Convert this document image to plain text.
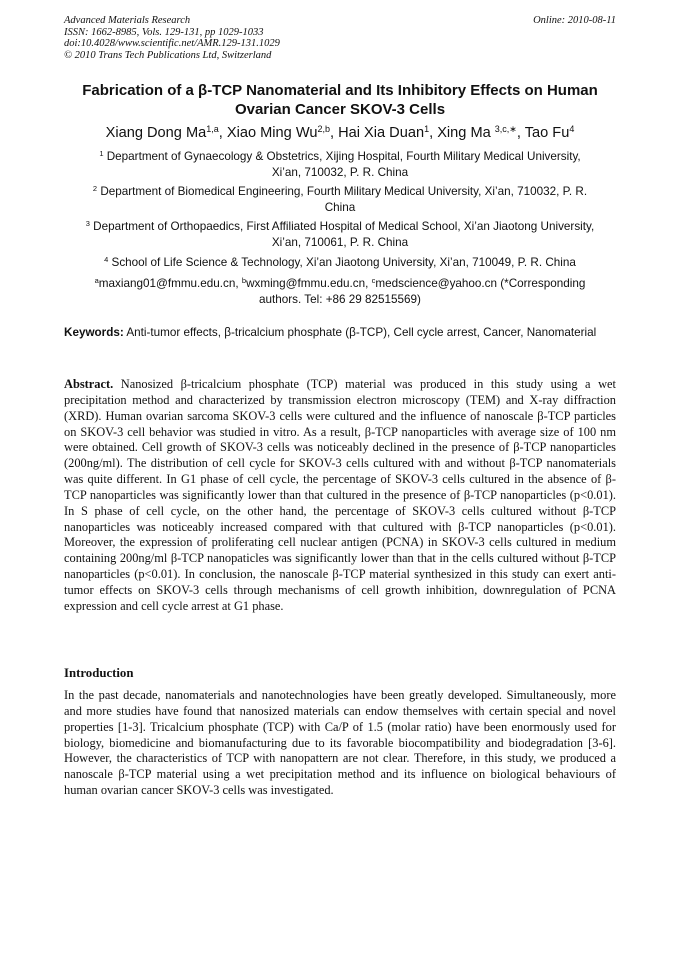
Advanced Materials Research
ISSN: 1662-8985, Vols. 129-131, pp 1029-1033
doi:10.4028/www.scientific.net/AMR.129-131.1029
© 2010 Trans Tech Publications Ltd, Switzerland
Online: 2010-08-11
Fabrication of a β-TCP Nanomaterial and Its Inhibitory Effects on Human
Ovarian Cancer SKOV-3 Cells
Xiang Dong Ma$^{1,a}$, Xiao Ming Wu$^{2,b}$, Hai Xia Duan$^1$, Xing Ma $^{3,c,∗}$, Tao Fu$^4$
$^1$ Department of Gynaecology & Obstetrics, Xijing Hospital, Fourth Military Medical University,
Xi’an, 710032, P. R. China
$^2$ Department of Biomedical Engineering, Fourth Military Medical University, Xi’an, 710032, P. R.
China
$^3$ Department of Orthopaedics, First Affiliated Hospital of Medical School, Xi’an Jiaotong University,
Xi’an, 710061, P. R. China
$^4$ School of Life Science & Technology, Xi’an Jiaotong University, Xi’an, 710049, P. R. China
$^a$maxiang01@fmmu.edu.cn, $^b$wxming@fmmu.edu.cn, $^c$medscience@yahoo.cn (*Corresponding
authors. Tel: +86 29 82515569)
Keywords: Anti-tumor effects, β-tricalcium phosphate (β-TCP), Cell cycle arrest, Cancer, Nanomaterial
Abstract. Nanosized β-tricalcium phosphate (TCP) material was produced in this study using a wet precipitation method and characterized by transmission electron microscopy (TEM) and X-ray diffraction (XRD). Human ovarian sarcoma SKOV-3 cells were cultured and the influence of nanoscale β-TCP particles on SKOV-3 cell behavior was studied in vitro. As a result, β-TCP nanoparticles with average size of 100 nm were obtained. Cell growth of SKOV-3 cells was noticeably declined in the presence of β-TCP nanoparticles (200ng/ml). The distribution of cell cycle for SKOV-3 cells cultured with and without β-TCP nanomaterials was quite different. In G1 phase of cell cycle, the percentage of SKOV-3 cells cultured in the absence of β-TCP nanoparticles was significantly lower than that cultured in the presence of β-TCP nanoparticles (p<0.01). In S phase of cell cycle, on the other hand, the percentage of SKOV-3 cells cultured without β-TCP nanoparticles was noticeably increased compared with that cultured with β-TCP nanoparticles (p<0.01). Moreover, the expression of proliferating cell nuclear antigen (PCNA) in SKOV-3 cells cultured in medium containing 200ng/ml β-TCP nanopaticles was significantly lower than that in the cells cultured without β-TCP nanoparticles (p<0.01). In conclusion, the nanoscale β-TCP material synthesized in this study can exert anti-tumor effects on SKOV-3 cells through mechanisms of cell growth inhibition, downregulation of PCNA expression and cell cycle arrest at G1 phase.
Introduction
In the past decade, nanomaterials and nanotechnologies have been greatly developed. Simultaneously, more and more studies have found that nanosized materials can endow themselves with certain special and novel properties [1-3]. Tricalcium phosphate (TCP) with Ca/P of 1.5 (molar ratio) have been enormously used for biology, biomedicine and biomanufacturing due to its favorable biocompatibility and biodegradation [3-6]. However, the characteristics of TCP with nanopattern are not clear. Therefore, in this study, we produced a nanoscale β-TCP material using a wet precipitation method and its influence on biological behaviours of human ovarian cancer SKOV-3 cells was investigated.
